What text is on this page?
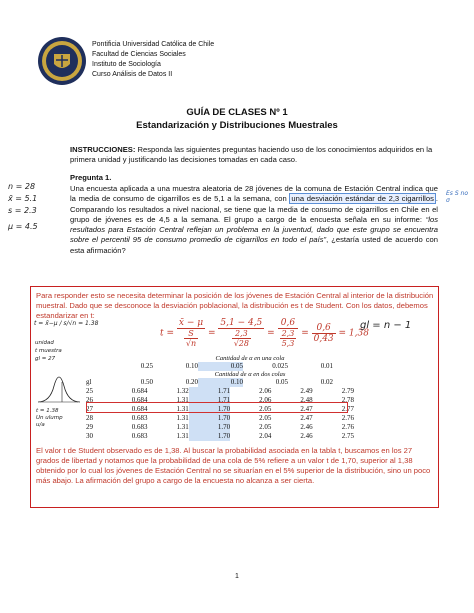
Pontificia Universidad Católica de Chile
Facultad de Ciencias Sociales
Instituto de Sociología
Curso Análisis de Datos II
GUÍA DE CLASES Nº 1
Estandarización y Distribuciones Muestrales
INSTRUCCIONES: Responda las siguientes preguntas haciendo uso de los conocimientos adquiridos en la primera unidad y justificando las decisiones tomadas en cada caso.
Pregunta 1.
Una encuesta aplicada a una muestra aleatoria de 28 jóvenes de la comuna de Estación Central indica que la media de consumo de cigarrillos es de 5,1 a la semana, con una desviación estándar de 2,3 cigarrillos . Comparando los resultados a nivel nacional, se tiene que la media de consumo de cigarrillos en Chile en el grupo de jóvenes es de 4,5 a la semana. El grupo a cargo de la encuesta señala en su informe: “los resultados para Estación Central reflejan un problema en la juventud, dado que este grupo se encuentra sobre el percentil 95 de consumo promedio de cigarrillos en todo el país”, ¿estaría usted de acuerdo con esta afirmación?
n = 28
x̄ = 5.1
s = 2.3
μ = 4.5
Es S no σ
Para responder esto se necesita determinar la posición de los jóvenes de Estación Central al interior de la distribución muestral. Dado que se desconoce la desviación poblacional, la distribución es t de Student. Con los datos, debemos estandarizar en t:
t = x̄−μ / s/√n = 1.38
unidad
t muestra
gl = 27
t = 1.38
Un ulump
u/a
$t = \frac{x̄ - \mu}{\frac{S}{√n}} = \frac{5,1 - 4,5}{\frac{2,3}{√28}} = \frac{0,6}{\frac{2,3}{5,3}} = \frac{0,6}{0,43} = 1,38$
gl = n − 1
Cantidad de α en una cola
0.25	0.10	0.05	0.025	0.01
Cantidad de α en dos colas
gl	0.50	0.20	0.10	0.05	0.02
25	0.684	1.32	1.71	2.06	2.49	2.79
26	0.684	1.31	1.71	2.06	2.48	2.78
27	0.684	1.31	1.70	2.05	2.47	2.77
28	0.683	1.31	1.70	2.05	2.47	2.76
29	0.683	1.31	1.70	2.05	2.46	2.76
30	0.683	1.31	1.70	2.04	2.46	2.75
El valor t de Student observado es de 1,38. Al buscar la probabilidad asociada en la tabla t, buscamos en los 27 grados de libertad y notamos que la probabilidad de una cola de 5% refiere a un valor t de 1,70, superior al 1,38 obtenido por lo cual los jóvenes de Estación Central no se situarían en el 5% superior de la distribución, sino un poco más abajo. La afirmación del grupo a cargo de la encuesta no alcanza a ser cierta.
1
